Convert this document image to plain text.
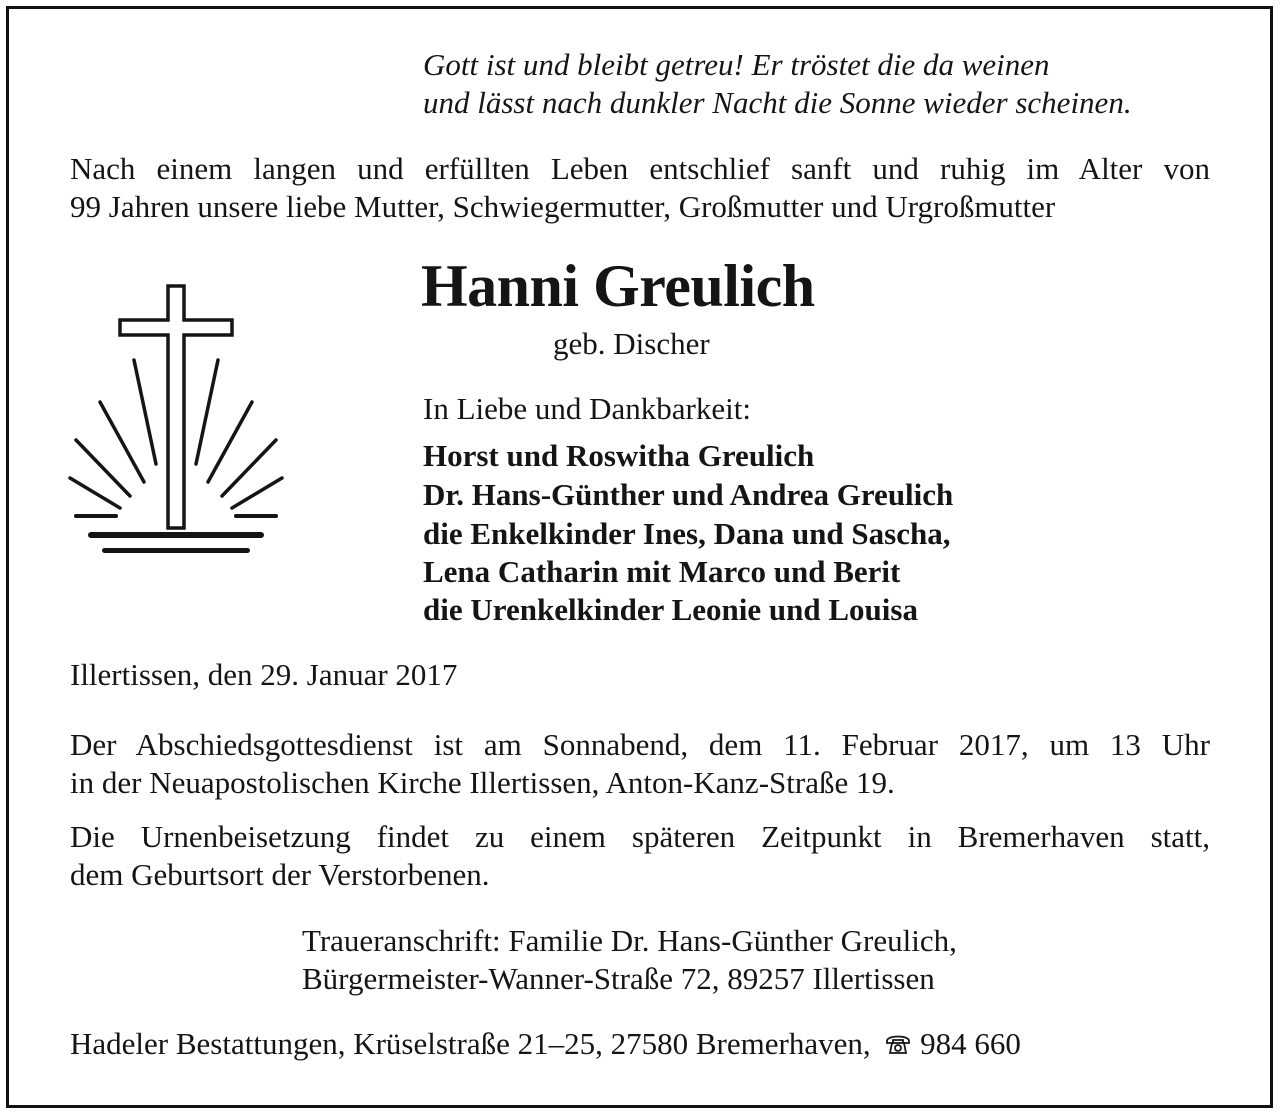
Gott ist und bleibt getreu! Er tröstet die da weinen
und lässt nach dunkler Nacht die Sonne wieder scheinen.
Nach einem langen und erfüllten Leben entschlief sanft und ruhig im Alter von
99 Jahren unsere liebe Mutter, Schwiegermutter, Großmutter und Urgroßmutter
Hanni Greulich
geb. Discher
In Liebe und Dankbarkeit:
Horst und Roswitha Greulich
Dr. Hans-Günther und Andrea Greulich
die Enkelkinder Ines, Dana und Sascha,
Lena Catharin mit Marco und Berit
die Urenkelkinder Leonie und Louisa
Illertissen, den 29. Januar 2017
Der Abschiedsgottesdienst ist am Sonnabend, dem 11. Februar 2017, um 13 Uhr
in der Neuapostolischen Kirche Illertissen, Anton-Kanz-Straße 19.
Die Urnenbeisetzung findet zu einem späteren Zeitpunkt in Bremerhaven statt,
dem Geburtsort der Verstorbenen.
Traueranschrift: Familie Dr. Hans-Günther Greulich,
Bürgermeister-Wanner-Straße 72, 89257 Illertissen
Hadeler Bestattungen, Krüselstraße 21–25, 27580 Bremerhaven, 984 660
